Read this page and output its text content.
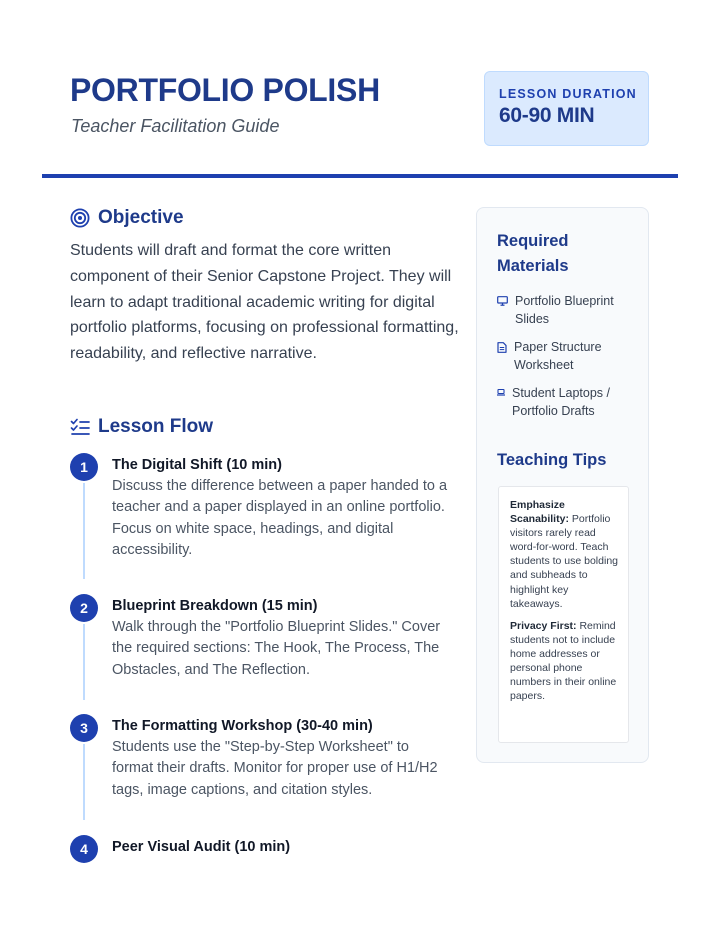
PORTFOLIO POLISH
Teacher Facilitation Guide
LESSON DURATION
60-90 MIN
Objective

Students will draft and format the core written component of their Senior Capstone Project. They will learn to adapt traditional academic writing for digital portfolio platforms, focusing on professional formatting, readability, and reflective narrative.

Lesson Flow
1	The Digital Shift (10 min)
Discuss the difference between a paper handed to a teacher and a paper displayed in an online portfolio. Focus on white space, headings, and digital accessibility.
2	Blueprint Breakdown (15 min)
Walk through the "Portfolio Blueprint Slides." Cover the required sections: The Hook, The Process, The Obstacles, and The Reflection.
3	The Formatting Workshop (30-40 min)
Students use the "Step-by-Step Worksheet" to format their drafts. Monitor for proper use of H1/H2 tags, image captions, and citation styles.
4	Peer Visual Audit (10 min)
Required Materials
Portfolio Blueprint Slides
Paper Structure Worksheet
Student Laptops / Portfolio Drafts
Teaching Tips

Emphasize Scanability: Portfolio visitors rarely read word-for-word. Teach students to use bolding and subheads to highlight key takeaways.

Privacy First: Remind students not to include home addresses or personal phone numbers in their online papers.
